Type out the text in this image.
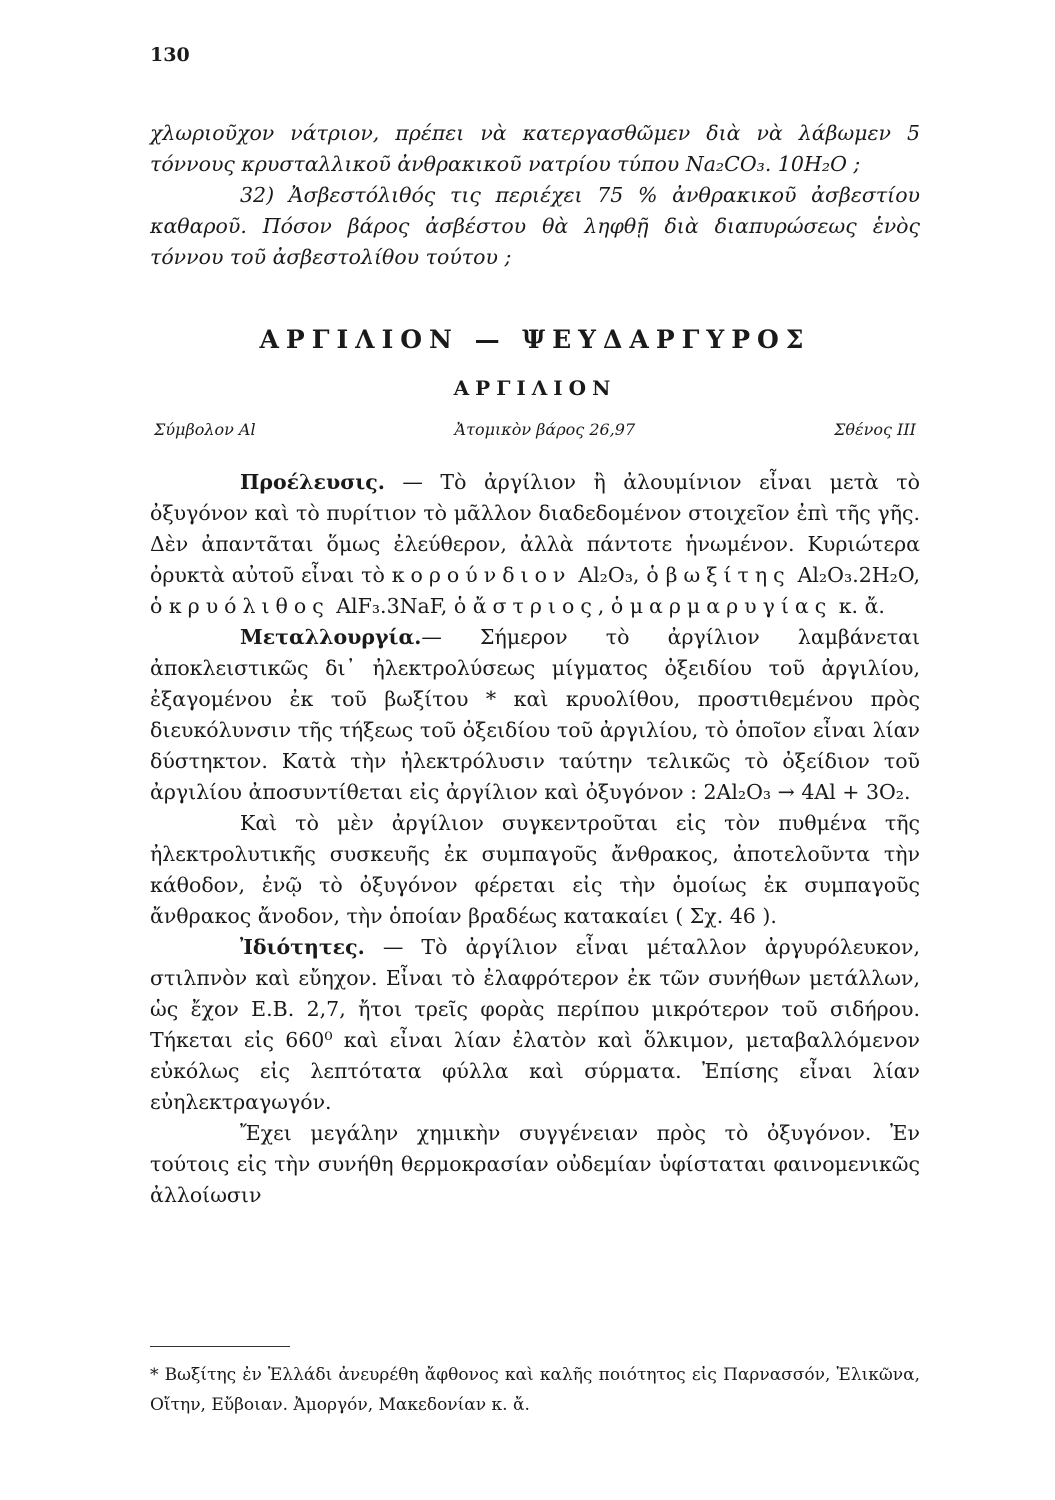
130

χλωριοῦχον νάτριον, πρέπει νὰ κατεργασθῶμεν διὰ νὰ λάβωμεν 5 τόννους κρυσταλλικοῦ ἀνθρακικοῦ νατρίου τύπου Na₂CO₃. 10H₂O ;

32) Ἀσβεστόλιθός τις περιέχει 75 % ἀνθρακικοῦ ἀσβεστίου καθαροῦ. Πόσον βάρος ἀσβέστου θὰ ληφθῇ διὰ διαπυρώσεως ἑνὸς τόννου τοῦ ἀσβεστολίθου τούτου ;

ΑΡΓΙΛΙΟΝ — ΨΕΥΔΑΡΓΥΡΟΣ
ΑΡΓΙΛΙΟΝ
Σύμβολον Al	Ἀτομικὸν βάρος 26,97	Σθένος III

Προέλευσις. — Τὸ ἀργίλιον ἢ ἀλουμίνιον εἶναι μετὰ τὸ ὀξυγόνον καὶ τὸ πυρίτιον τὸ μᾶλλον διαδεδομένον στοιχεῖον ἐπὶ τῆς γῆς. Δὲν ἀπαντᾶται ὅμως ἐλεύθερον, ἀλλὰ πάντοτε ἡνωμένον. Κυριώτερα ὀρυκτὰ αὐτοῦ εἶναι τὸ κορούνδιον Al₂O₃, ὁ βωξίτης Al₂O₃.2H₂O, ὁ κρυόλιθος AlF₃.3NaF, ὁ ἄστριος, ὁ μαρμαρυγίας κ. ἄ.

Μεταλλουργία.— Σήμερον τὸ ἀργίλιον λαμβάνεται ἀποκλειστικῶς δι᾽ ἠλεκτρολύσεως μίγματος ὀξειδίου τοῦ ἀργιλίου, ἐξαγομένου ἐκ τοῦ βωξίτου * καὶ κρυολίθου, προστιθεμένου πρὸς διευκόλυνσιν τῆς τήξεως τοῦ ὀξειδίου τοῦ ἀργιλίου, τὸ ὁποῖον εἶναι λίαν δύστηκτον. Κατὰ τὴν ἠλεκτρόλυσιν ταύτην τελικῶς τὸ ὀξείδιον τοῦ ἀργιλίου ἀποσυντίθεται εἰς ἀργίλιον καὶ ὀξυγόνον : 2Al₂O₃ → 4Al + 3O₂.

Καὶ τὸ μὲν ἀργίλιον συγκεντροῦται εἰς τὸν πυθμένα τῆς ἠλεκτρολυτικῆς συσκευῆς ἐκ συμπαγοῦς ἄνθρακος, ἀποτελοῦντα τὴν κάθοδον, ἐνῷ τὸ ὀξυγόνον φέρεται εἰς τὴν ὁμοίως ἐκ συμπαγοῦς ἄνθρακος ἄνοδον, τὴν ὁποίαν βραδέως κατακαίει ( Σχ. 46 ).

Ἰδιότητες. — Τὸ ἀργίλιον εἶναι μέταλλον ἀργυρόλευκον, στιλπνὸν καὶ εὔηχον. Εἶναι τὸ ἐλαφρότερον ἐκ τῶν συνήθων μετάλλων, ὡς ἔχον Ε.Β. 2,7, ἤτοι τρεῖς φορὰς περίπου μικρότερον τοῦ σιδήρου. Τήκεται εἰς 660⁰ καὶ εἶναι λίαν ἐλατὸν καὶ ὅλκιμον, μεταβαλλόμενον εὐκόλως εἰς λεπτότατα φύλλα καὶ σύρματα. Ἐπίσης εἶναι λίαν εὐηλεκτραγωγόν.

Ἔχει μεγάλην χημικὴν συγγένειαν πρὸς τὸ ὀξυγόνον. Ἐν τούτοις εἰς τὴν συνήθη θερμοκρασίαν οὐδεμίαν ὑφίσταται φαινομενικῶς ἀλλοίωσιν

* Βωξίτης ἐν Ἑλλάδι ἀνευρέθη ἄφθονος καὶ καλῆς ποιότητος εἰς Παρνασσόν, Ἑλικῶνα, Οἴτην, Εὔβοιαν. Ἀμοργόν, Μακεδονίαν κ. ἄ.
